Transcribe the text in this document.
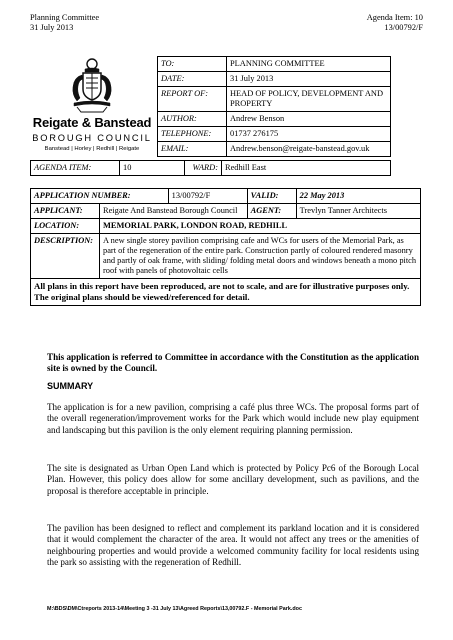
Planning Committee
31 July 2013
Agenda Item: 10
13/00792/F
Reigate & Banstead
BOROUGH COUNCIL
Banstead | Horley | Redhill | Reigate
TO:	PLANNING COMMITTEE
DATE:	31 July 2013
REPORT OF:	HEAD OF POLICY, DEVELOPMENT AND PROPERTY
AUTHOR:	Andrew Benson
TELEPHONE:	01737 276175
EMAIL:	Andrew.benson@reigate-banstead.gov.uk
AGENDA ITEM:	10	WARD:	Redhill East
APPLICATION NUMBER:		13/00792/F	VALID:	22 May 2013
APPLICANT:	Reigate And Banstead Borough Council		AGENT:	Trevlyn Tanner Architects
LOCATION:	MEMORIAL PARK, LONDON ROAD, REDHILL			
DESCRIPTION:	A new single storey pavilion comprising cafe and WCs for users of the Memorial Park, as part of the regeneration of the entire park. Construction partly of coloured rendered masonry and partly of oak frame, with sliding/ folding metal doors and windows beneath a mono pitch roof with panels of photovoltaic cells			
All plans in this report have been reproduced, are not to scale, and are for illustrative purposes only. The original plans should be viewed/referenced for detail.				
This application is referred to Committee in accordance with the Constitution as the application site is owned by the Council.
SUMMARY
The application is for a new pavilion, comprising a café plus three WCs. The proposal forms part of the overall regeneration/improvement works for the Park which would include new play equipment and landscaping but this pavilion is the only element requiring planning permission.
The site is designated as Urban Open Land which is protected by Policy Pc6 of the Borough Local Plan. However, this policy does allow for some ancillary development, such as pavilions, and the proposal is therefore acceptable in principle.
The pavilion has been designed to reflect and complement its parkland location and it is considered that it would complement the character of the area. It would not affect any trees or the amenities of neighbouring properties and would provide a welcomed community facility for local residents using the park so assisting with the regeneration of Redhill.
M:\BDS\DM\Ctreports 2013-14\Meeting 3 -31 July 13\Agreed Reports\13,00792.F - Memorial Park.doc
